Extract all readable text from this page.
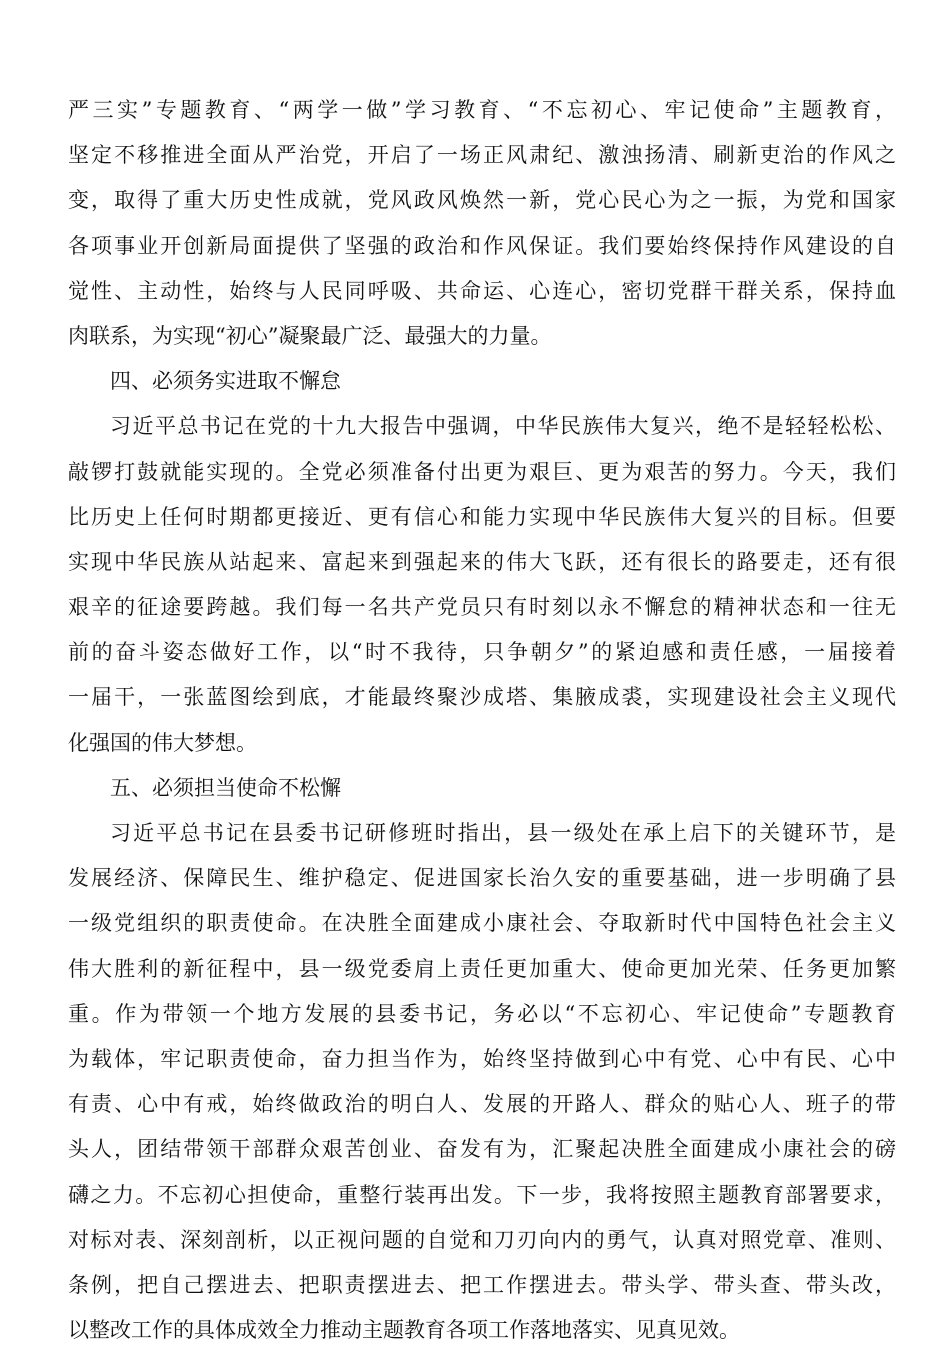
严三实”专题教育、“两学一做”学习教育、“不忘初心、牢记使命”主题教育，
坚定不移推进全面从严治党，开启了一场正风肃纪、激浊扬清、刷新吏治的作风之
变，取得了重大历史性成就，党风政风焕然一新，党心民心为之一振，为党和国家
各项事业开创新局面提供了坚强的政治和作风保证。我们要始终保持作风建设的自
觉性、主动性，始终与人民同呼吸、共命运、心连心，密切党群干群关系，保持血
肉联系，为实现“初心”凝聚最广泛、最强大的力量。
四、必须务实进取不懈怠
习近平总书记在党的十九大报告中强调，中华民族伟大复兴，绝不是轻轻松松、
敲锣打鼓就能实现的。全党必须准备付出更为艰巨、更为艰苦的努力。今天，我们
比历史上任何时期都更接近、更有信心和能力实现中华民族伟大复兴的目标。但要
实现中华民族从站起来、富起来到强起来的伟大飞跃，还有很长的路要走，还有很
艰辛的征途要跨越。我们每一名共产党员只有时刻以永不懈怠的精神状态和一往无
前的奋斗姿态做好工作，以“时不我待，只争朝夕”的紧迫感和责任感，一届接着
一届干，一张蓝图绘到底，才能最终聚沙成塔、集腋成裘，实现建设社会主义现代
化强国的伟大梦想。
五、必须担当使命不松懈
习近平总书记在县委书记研修班时指出，县一级处在承上启下的关键环节，是
发展经济、保障民生、维护稳定、促进国家长治久安的重要基础，进一步明确了县
一级党组织的职责使命。在决胜全面建成小康社会、夺取新时代中国特色社会主义
伟大胜利的新征程中，县一级党委肩上责任更加重大、使命更加光荣、任务更加繁
重。作为带领一个地方发展的县委书记，务必以“不忘初心、牢记使命”专题教育
为载体，牢记职责使命，奋力担当作为，始终坚持做到心中有党、心中有民、心中
有责、心中有戒，始终做政治的明白人、发展的开路人、群众的贴心人、班子的带
头人，团结带领干部群众艰苦创业、奋发有为，汇聚起决胜全面建成小康社会的磅
礴之力。不忘初心担使命，重整行装再出发。下一步，我将按照主题教育部署要求，
对标对表、深刻剖析，以正视问题的自觉和刀刃向内的勇气，认真对照党章、准则、
条例，把自己摆进去、把职责摆进去、把工作摆进去。带头学、带头查、带头改，
以整改工作的具体成效全力推动主题教育各项工作落地落实、见真见效。
